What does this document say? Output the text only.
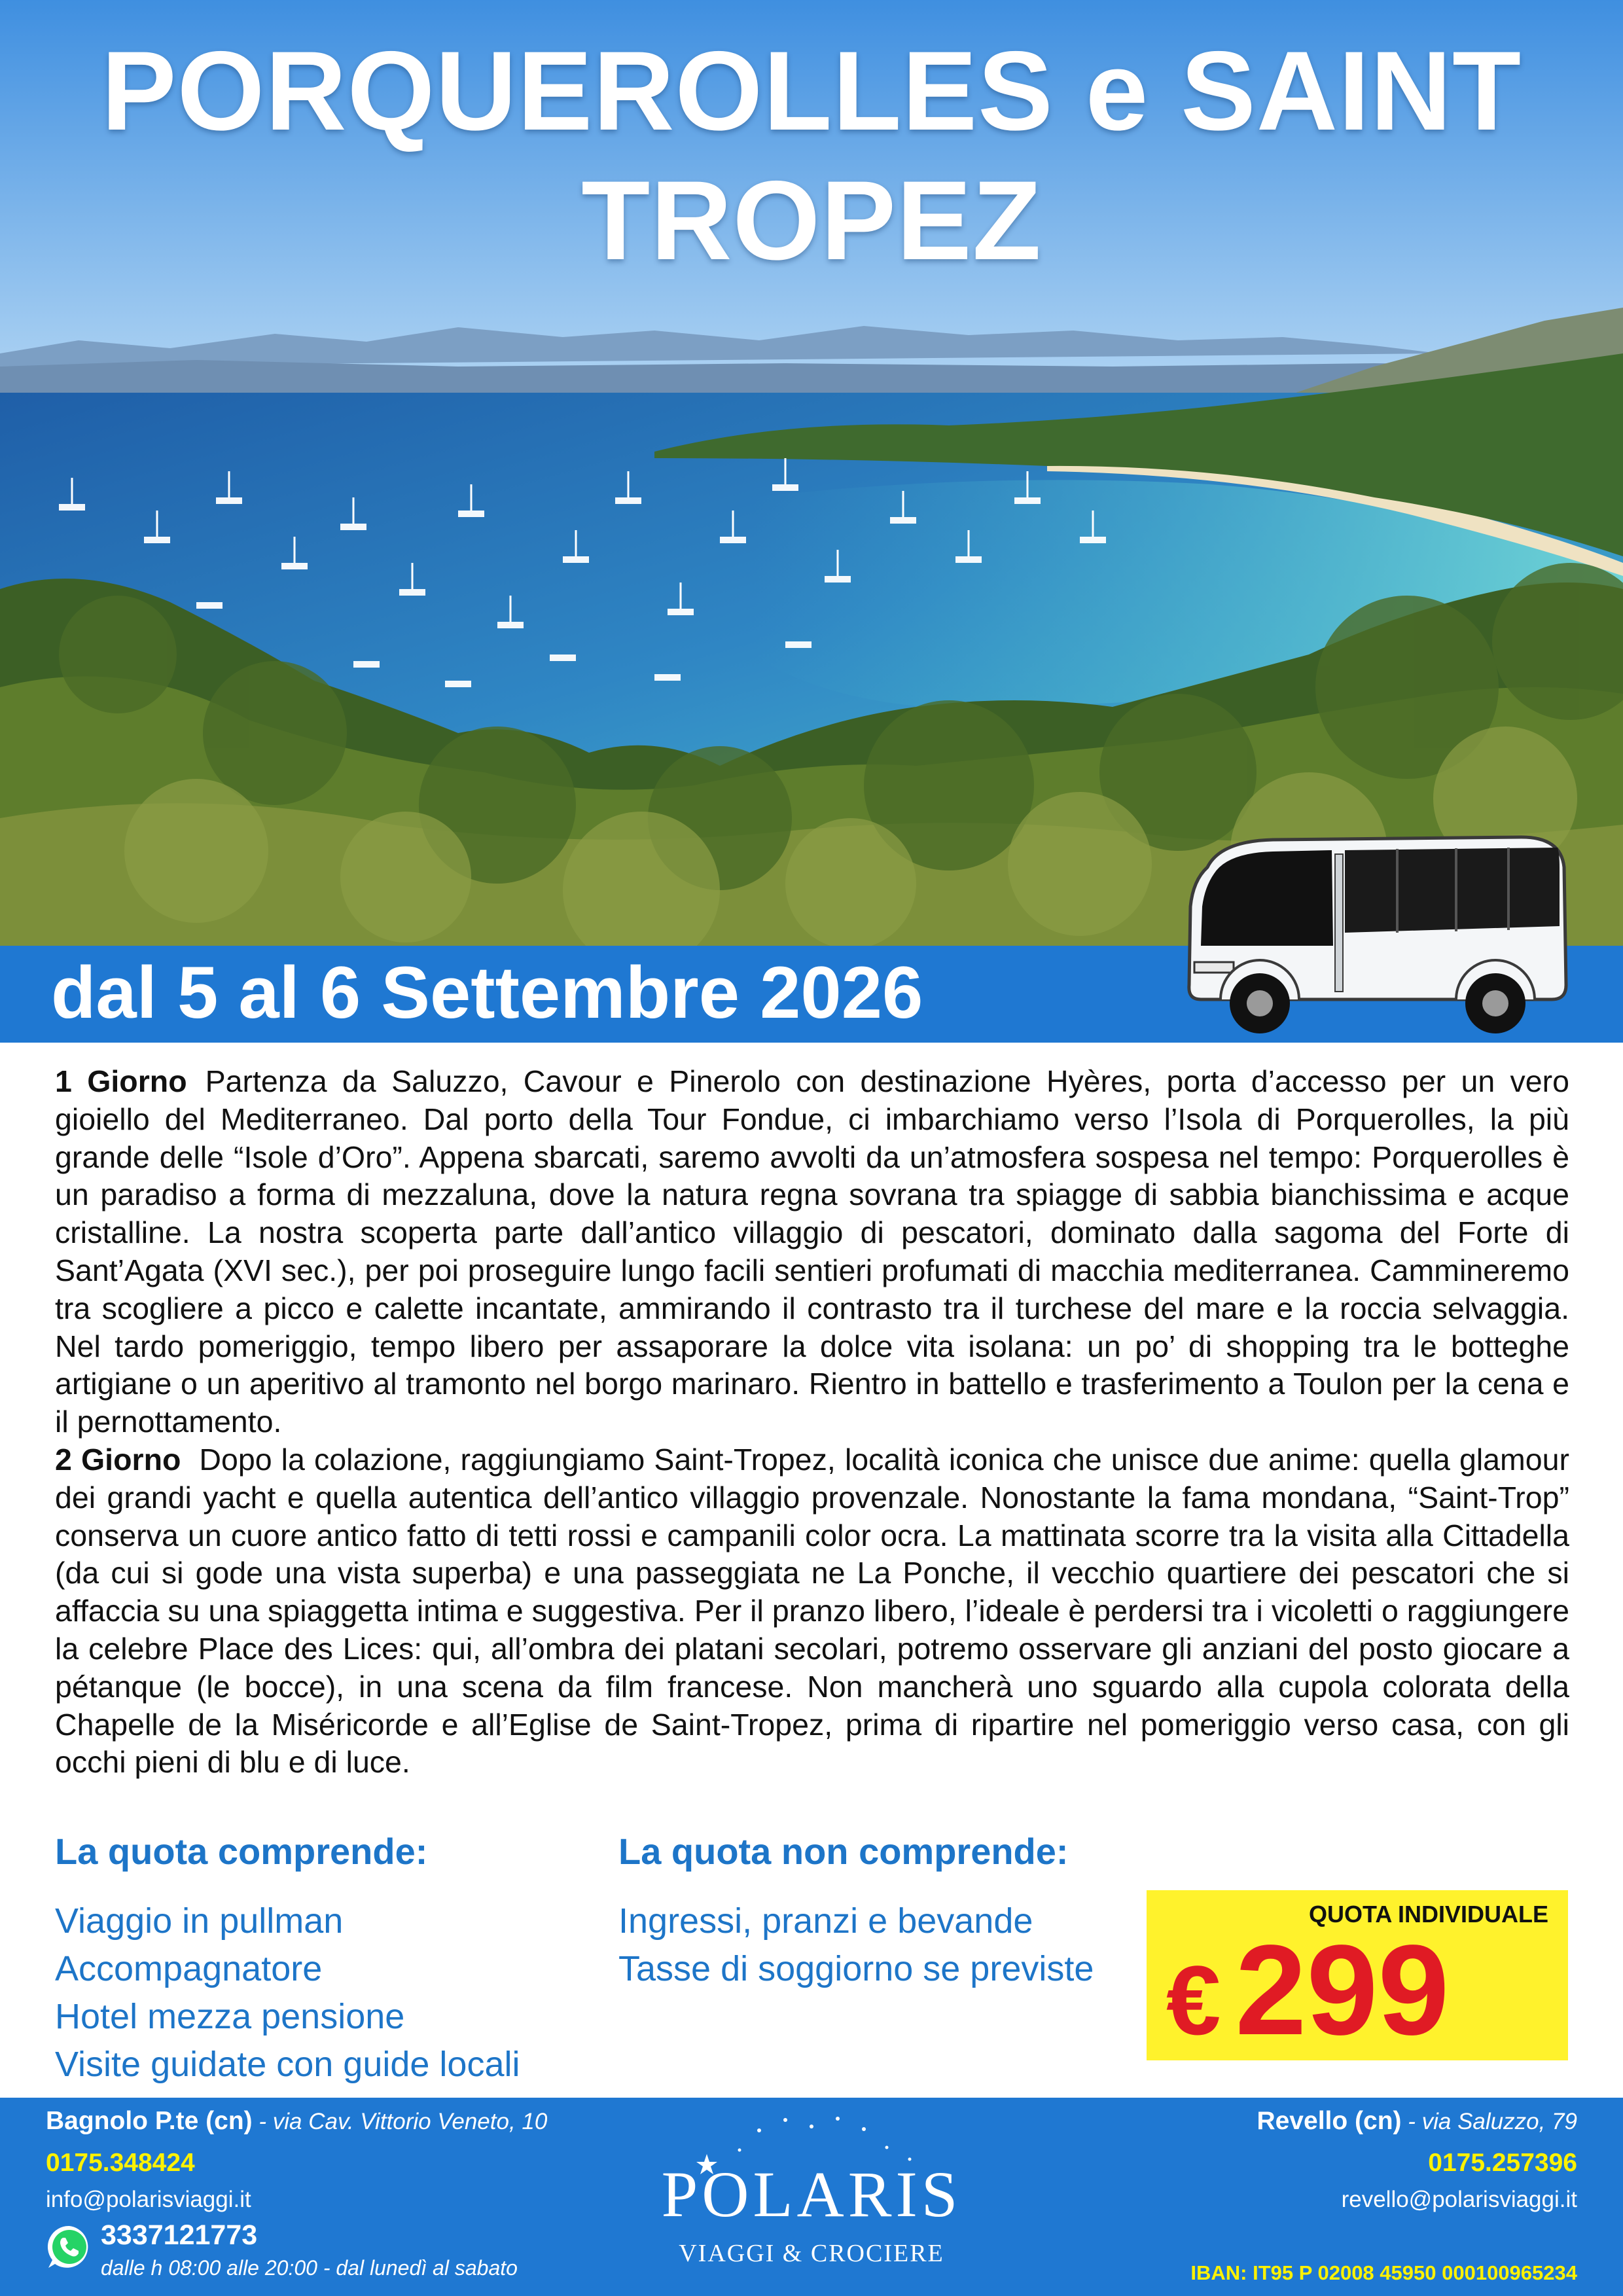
PORQUEROLLES e SAINT TROPEZ
dal 5 al 6 Settembre 2026

1 Giorno Partenza da Saluzzo, Cavour e Pinerolo con destinazione Hyères, porta d’accesso per un vero gioiello del Mediterraneo. Dal porto della Tour Fondue, ci imbarchiamo verso l’Isola di Porquerolles, la più grande delle “Isole d’Oro”. Appena sbarcati, saremo avvolti da un’atmosfera sospesa nel tempo: Porquerolles è un paradiso a forma di mezzaluna, dove la natura regna sovrana tra spiagge di sabbia bianchissima e acque cristalline. La nostra scoperta parte dall’antico villaggio di pescatori, dominato dalla sagoma del Forte di Sant’Agata (XVI sec.), per poi proseguire lungo facili sentieri profumati di macchia mediterranea. Cammineremo tra scogliere a picco e calette incantate, ammirando il contrasto tra il turchese del mare e la roccia selvaggia. Nel tardo pomeriggio, tempo libero per assaporare la dolce vita isolana: un po’ di shopping tra le botteghe artigiane o un aperitivo al tramonto nel borgo marinaro. Rientro in battello e trasferimento a Toulon per la cena e il pernottamento.

2 Giorno Dopo la colazione, raggiungiamo Saint-Tropez, località iconica che unisce due anime: quella glamour dei grandi yacht e quella autentica dell’antico villaggio provenzale. Nonostante la fama mondana, “Saint-Trop” conserva un cuore antico fatto di tetti rossi e campanili color ocra. La mattinata scorre tra la visita alla Cittadella (da cui si gode una vista superba) e una passeggiata ne La Ponche, il vecchio quartiere dei pescatori che si affaccia su una spiaggetta intima e suggestiva. Per il pranzo libero, l’ideale è perdersi tra i vicoletti o raggiungere la celebre Place des Lices: qui, all’ombra dei platani secolari, potremo osservare gli anziani del posto giocare a pétanque (le bocce), in una scena da film francese. Non mancherà uno sguardo alla cupola colorata della Chapelle de la Miséricorde e all’Eglise de Saint-Tropez, prima di ripartire nel pomeriggio verso casa, con gli occhi pieni di blu e di luce.

La quota comprende:
Viaggio in pullman
Accompagnatore
Hotel mezza pensione
Visite guidate con guide locali
La quota non comprende:
Ingressi, pranzi e bevande
Tasse di soggiorno se previste
QUOTA INDIVIDUALE
€ 299
Bagnolo P.te (cn) - via Cav. Vittorio Veneto, 10
0175.348424
info@polarisviaggi.it
3337121773
dalle h 08:00 alle 20:00 - dal lunedì al sabato
POLARIS
VIAGGI & CROCIERE
Revello (cn) - via Saluzzo, 79
0175.257396
revello@polarisviaggi.it
IBAN: IT95 P 02008 45950 000100965234
